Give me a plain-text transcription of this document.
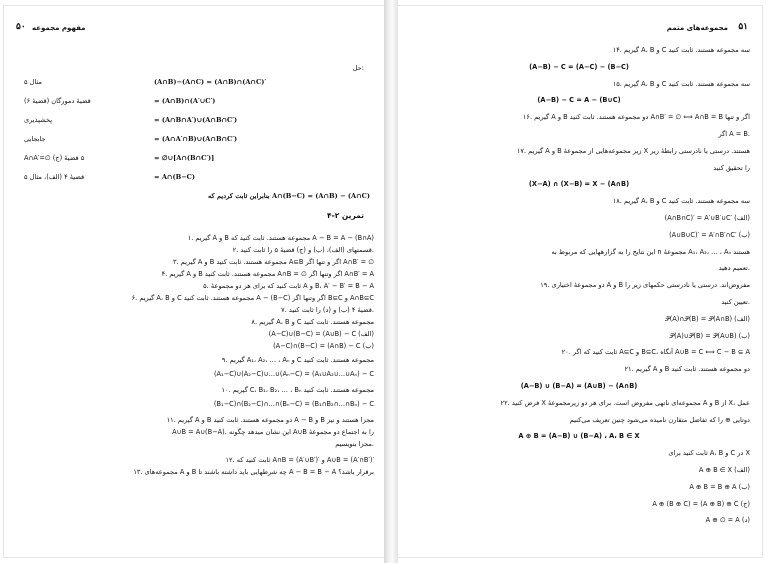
۵۰ مفهوم مجموعه
حل:
(A∩B)−(A∩C) = (A∩B)∩(A∩C)′
مثال ۵
= (A∩B)∩(A′∪C′)
قضیهٔ دمورگان (قضیهٔ ۶)
= (A∩B∩A′)∪(A∩B∩C′)
پخشپذیری
= (A∩A′∩B)∪(A∩B∩C′)
جابجایی
= ∅∪[A∩(B∩C′)]
A∩A′=∅ (ج) ۵ قضیهٔ
= A∩(B−C)
قضیهٔ ۴ (الف)، مثال ۵
بنابراین ثابت کردیم که A∩(B−C) = (A∩B) − (A∩C)
تمرین ۲-۴
۱. گیریم A و B مجموعه هستند. ثابت کنید که A − B = A − (B∩A)
۲. قسمتهای (الف)، (ب) و (ج) قضیهٔ ۵ را ثابت کنید.
۳. گیریم A و B مجموعه هستند. ثابت کنید A⊆B اگر و تنها اگر A∩B′ = ∅
۴. گیریم A و B مجموعه هستند. ثابت کنید A∩B = ∅ اگر وتنها اگر A∩B′ = A
۵. ثابت کنید که برای هر دو مجموعهٔ A و B، A′ − B′ = B − A
۶. گیریم A، B و C مجموعه هستند. ثابت کنید A − (B−C) اگر وتنها اگر B⊆C و A∩B⊆C
۷. قضیهٔ ۴ (ب) و (د) را ثابت کنید.
۸. گیریم A، B و C مجموعه هستند. ثابت کنید
(A−C)∪(B−C) = (A∪B) − C (الف)
(A−C)∩(B−C) = (A∩B) − C (ب)
۹. گیریم A₁، A₂، … ، Aₙ و C مجموعه هستند. ثابت کنید
(A₁−C)∪(A₂−C)∪…∪(Aₙ−C) = (A₁∪A₂∪…∪Aₙ) − C
۱۰. گیریم C، B₁، B₂، … ، Bₙ مجموعه هستند. ثابت کنید
(B₁−C)∩(B₂−C)∩…∩(Bₙ−C) = (B₁∩B₂∩…∩Bₙ) − C
۱۱. گیریم A و B دو مجموعه هستند. ثابت کنید A − B و B مجزا هستند و نیز
A∪B = A∪(B−A). این نشان میدهد چگونه A∪B را به اجتماع دو مجموعهٔ
مجزا بنویسیم.
۱۲. ثابت کنید که A∩B = (A′∪B′)′ و A∪B = (A′∩B′)′
۱۳. مجموعه‌های A و B چه شرطهایی باید داشته باشند تا A − B = B − A برقرار باشد؟
۵۱
مجموعه‌های متمم
۱۴. گیریم A، B و C سه مجموعه هستند. ثابت کنید
(A−B) − C = (A−C) − (B−C)
۱۵. گیریم A، B و C سه مجموعه هستند. ثابت کنید
(A−B) − C = A − (B∪C)
۱۶. گیریم A و B دو مجموعه هستند. ثابت کنید A∩B′ = ∅ ⟺ A∩B = B اگر و تنها
اگر A = B.
۱۷. گیریم A و B زیر مجموعه‌هایی از مجموعهٔ X هستند. درستی یا نادرستی رابطهٔ زیر
را تحقیق کنید
(X−A) ∩ (X−B) = X − (A∩B)
۱۸. گیریم A، B و C سه مجموعه هستند. ثابت کنید
(A∩B∩C)′ = A′∪B′∪C′ (الف)
(A∪B∪C)′ = A′∩B′∩C′ (ب)
این نتایج را به گزارههایی که مربوط به n مجموعهٔ A₁، A₂، … ، Aₙ هستند
تعمیم دهید.
۱۹. دو مجموعهٔ اختیاری A و B مفروض‌اند. درستی یا نادرستی حکمهای زیر را
تعیین کنید.
𝒫(A)∩𝒫(B) = 𝒫(A∩B) (الف)
𝒫(A)∪𝒫(B) = 𝒫(A∪B) (ب)
۲۰. ثابت کنید که اگر A⊆C و B⊆C، آنگاه A∪B = C ⟺ C − B ⊆ A
۲۱. گیریم A و B دو مجموعه هستند. ثابت کنید
(A−B) ∪ (B−A) = (A∪B) − (A∩B)
۲۲. فرض کنید X مجموعه‌ای ناتهی مفروض است. برای هر دو زیرمجموعهٔ A و B از X، عمل
دوتایی ⊕ را که تفاضل متقارن نامیده می‌شود چنین تعریف می‌کنیم
A ⊕ B = (A−B) ∪ (B−A) ، A، B ∈ X
ثابت کنید برای A، B و C در X
A ⊕ B ∈ X (الف)
A ⊕ B = B ⊕ A (ب)
A ⊕ (B ⊕ C) = (A ⊕ B) ⊕ C (ج)
A ⊕ ∅ = A (د)
